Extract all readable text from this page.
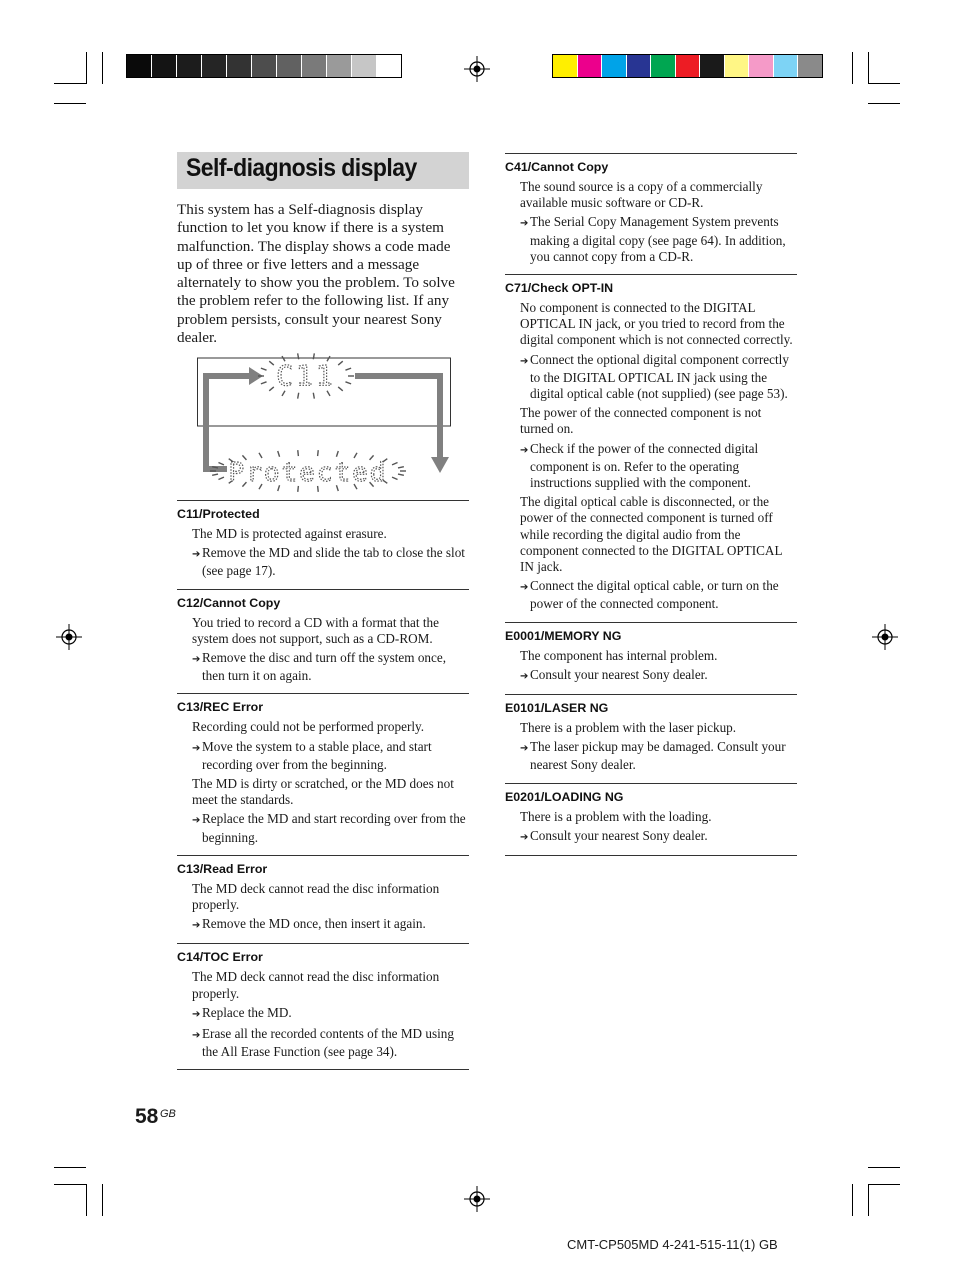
Self-diagnosis display

This system has a Self-diagnosis display function to let you know if there is a system malfunction. The display shows a code made up of three or five letters and a message alternately to show you the problem. To solve the problem refer to the following list. If any problem persists, consult your nearest Sony dealer.

C11
Protected
C11/Protected
The MD is protected against erasure.
➔ Remove the MD and slide the tab to close the slot (see page 17).
C12/Cannot Copy
You tried to record a CD with a format that the system does not support, such as a CD-ROM.
➔ Remove the disc and turn off the system once, then turn it on again.
C13/REC Error
Recording could not be performed properly.
➔ Move the system to a stable place, and start recording over from the beginning.
The MD is dirty or scratched, or the MD does not meet the standards.
➔ Replace the MD and start recording over from the beginning.
C13/Read Error
The MD deck cannot read the disc information properly.
➔ Remove the MD once, then insert it again.
C14/TOC Error
The MD deck cannot read the disc information properly.
➔ Replace the MD.
➔ Erase all the recorded contents of the MD using the All Erase Function (see page 34).
C41/Cannot Copy
The sound source is a copy of a commercially available music software or CD-R.
➔ The Serial Copy Management System prevents making a digital copy (see page 64). In addition, you cannot copy from a CD-R.
C71/Check OPT-IN
No component is connected to the DIGITAL OPTICAL IN jack, or you tried to record from the digital component which is not connected correctly.
➔ Connect the optional digital component correctly to the DIGITAL OPTICAL IN jack using the digital optical cable (not supplied) (see page 53).
The power of the connected component is not turned on.
➔ Check if the power of the connected digital component is on. Refer to the operating instructions supplied with the component.
The digital optical cable is disconnected, or the power of the connected component is turned off while recording the digital audio from the component connected to the DIGITAL OPTICAL IN jack.
➔ Connect the digital optical cable, or turn on the power of the connected component.
E0001/MEMORY NG
The component has internal problem.
➔ Consult your nearest Sony dealer.
E0101/LASER NG
There is a problem with the laser pickup.
➔ The laser pickup may be damaged. Consult your nearest Sony dealer.
E0201/LOADING NG
There is a problem with the loading.
➔ Consult your nearest Sony dealer.
58 GB
CMT-CP505MD 4-241-515-11(1) GB
